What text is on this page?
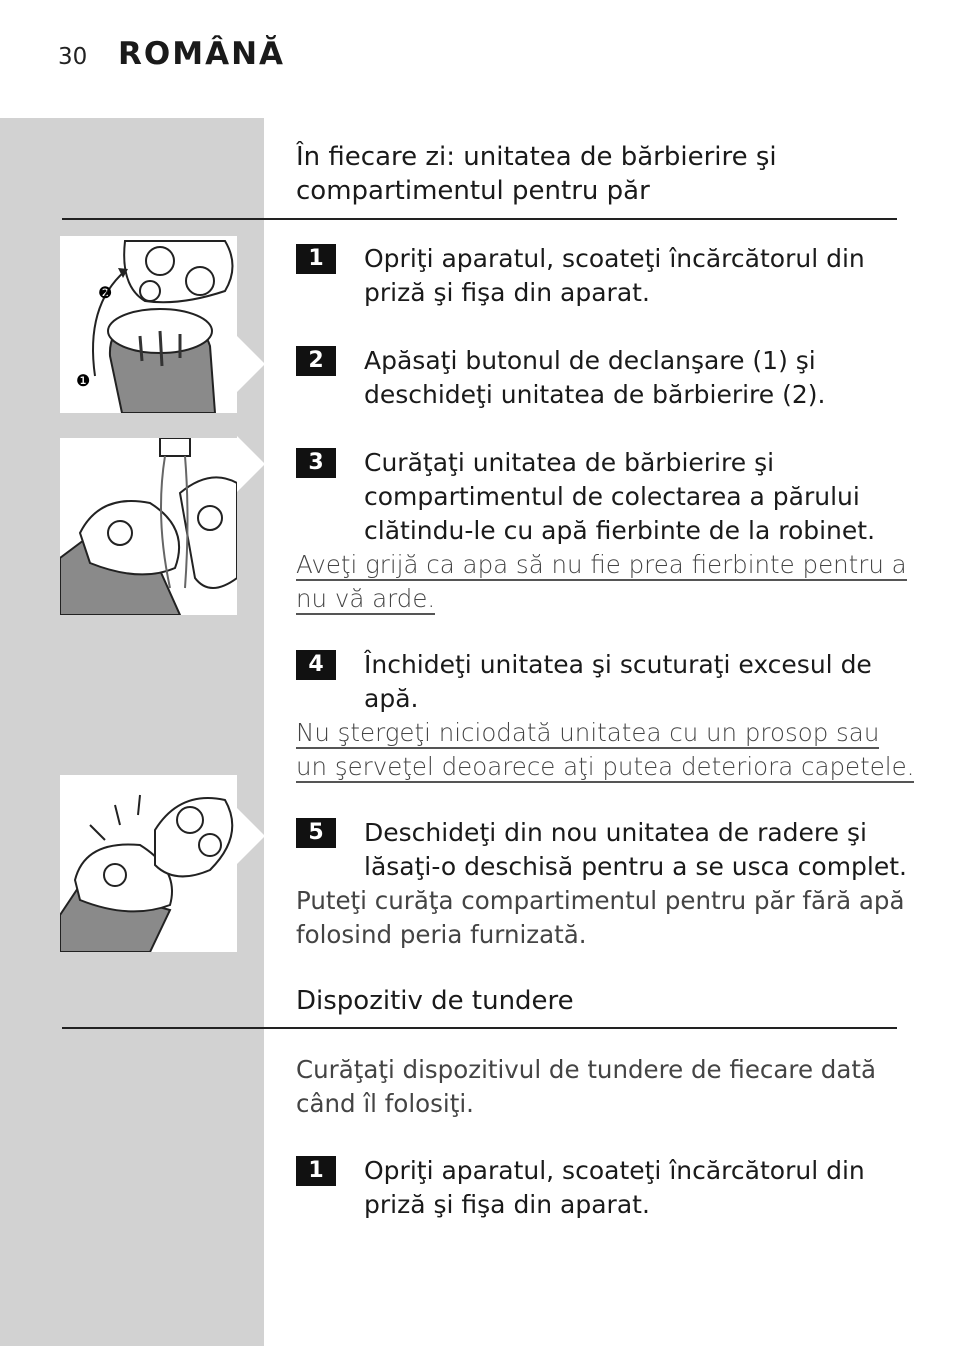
30 ROMÂNĂ
În fiecare zi: unitatea de bărbierire şi
compartimentul pentru păr
❷
❶
1	Opriţi aparatul, scoateţi încărcătorul din
priză şi fişa din aparat.
2	Apăsaţi butonul de declanşare (1) şi
deschideţi unitatea de bărbierire (2).
3	Curăţaţi unitatea de bărbierire şi
compartimentul de colectarea a părului
clătindu-le cu apă fierbinte de la robinet.
Aveţi grijă ca apa să nu fie prea fierbinte pentru a
nu vă arde.
4	Închideţi unitatea şi scuturaţi excesul de
apă.
Nu ştergeţi niciodată unitatea cu un prosop sau
un şerveţel deoarece aţi putea deteriora capetele.
5	Deschideţi din nou unitatea de radere şi
lăsaţi-o deschisă pentru a se usca complet.
Puteţi curăţa compartimentul pentru păr fără apă
folosind peria furnizată.
Dispozitiv de tundere
Curăţaţi dispozitivul de tundere de fiecare dată
când îl folosiţi.
1	Opriţi aparatul, scoateţi încărcătorul din
priză şi fişa din aparat.
